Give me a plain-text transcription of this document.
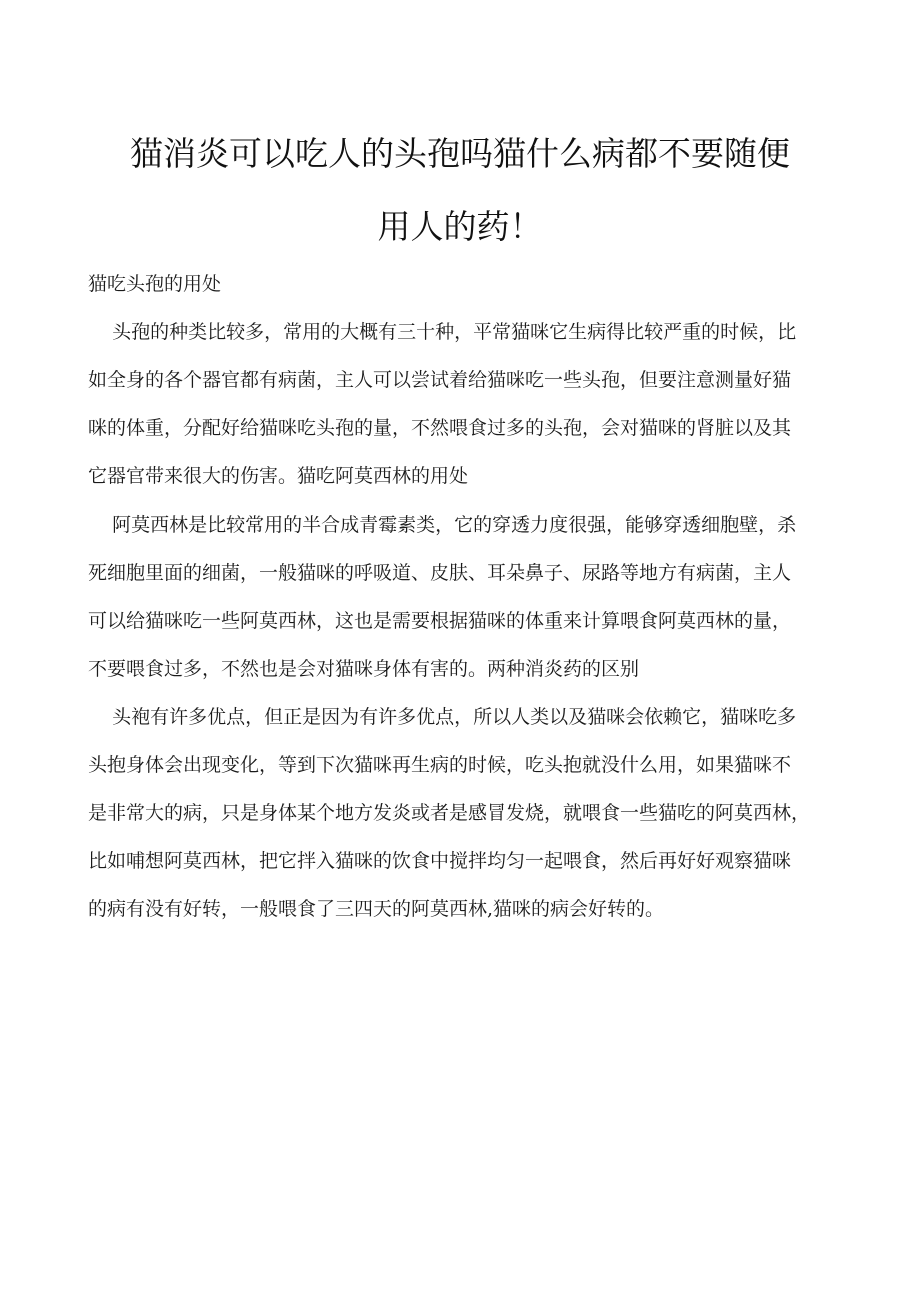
猫消炎可以吃人的头孢吗猫什么病都不要随便
用人的药！

猫吃头孢的用处

头孢的种类比较多，常用的大概有三十种，平常猫咪它生病得比较严重的时候，比

如全身的各个器官都有病菌，主人可以尝试着给猫咪吃一些头孢，但要注意测量好猫

咪的体重，分配好给猫咪吃头孢的量，不然喂食过多的头孢，会对猫咪的肾脏以及其

它器官带来很大的伤害。猫吃阿莫西林的用处

阿莫西林是比较常用的半合成青霉素类，它的穿透力度很强，能够穿透细胞壁，杀

死细胞里面的细菌，一般猫咪的呼吸道、皮肤、耳朵鼻子、尿路等地方有病菌，主人

可以给猫咪吃一些阿莫西林，这也是需要根据猫咪的体重来计算喂食阿莫西林的量，

不要喂食过多，不然也是会对猫咪身体有害的。两种消炎药的区别

头袍有许多优点，但正是因为有许多优点，所以人类以及猫咪会依赖它，猫咪吃多

头抱身体会出现变化，等到下次猫咪再生病的时候，吃头抱就没什么用，如果猫咪不

是非常大的病，只是身体某个地方发炎或者是感冒发烧，就喂食一些猫吃的阿莫西林，

比如哺想阿莫西林，把它拌入猫咪的饮食中搅拌均匀一起喂食，然后再好好观察猫咪

的病有没有好转，一般喂食了三四天的阿莫西林,猫咪的病会好转的。
